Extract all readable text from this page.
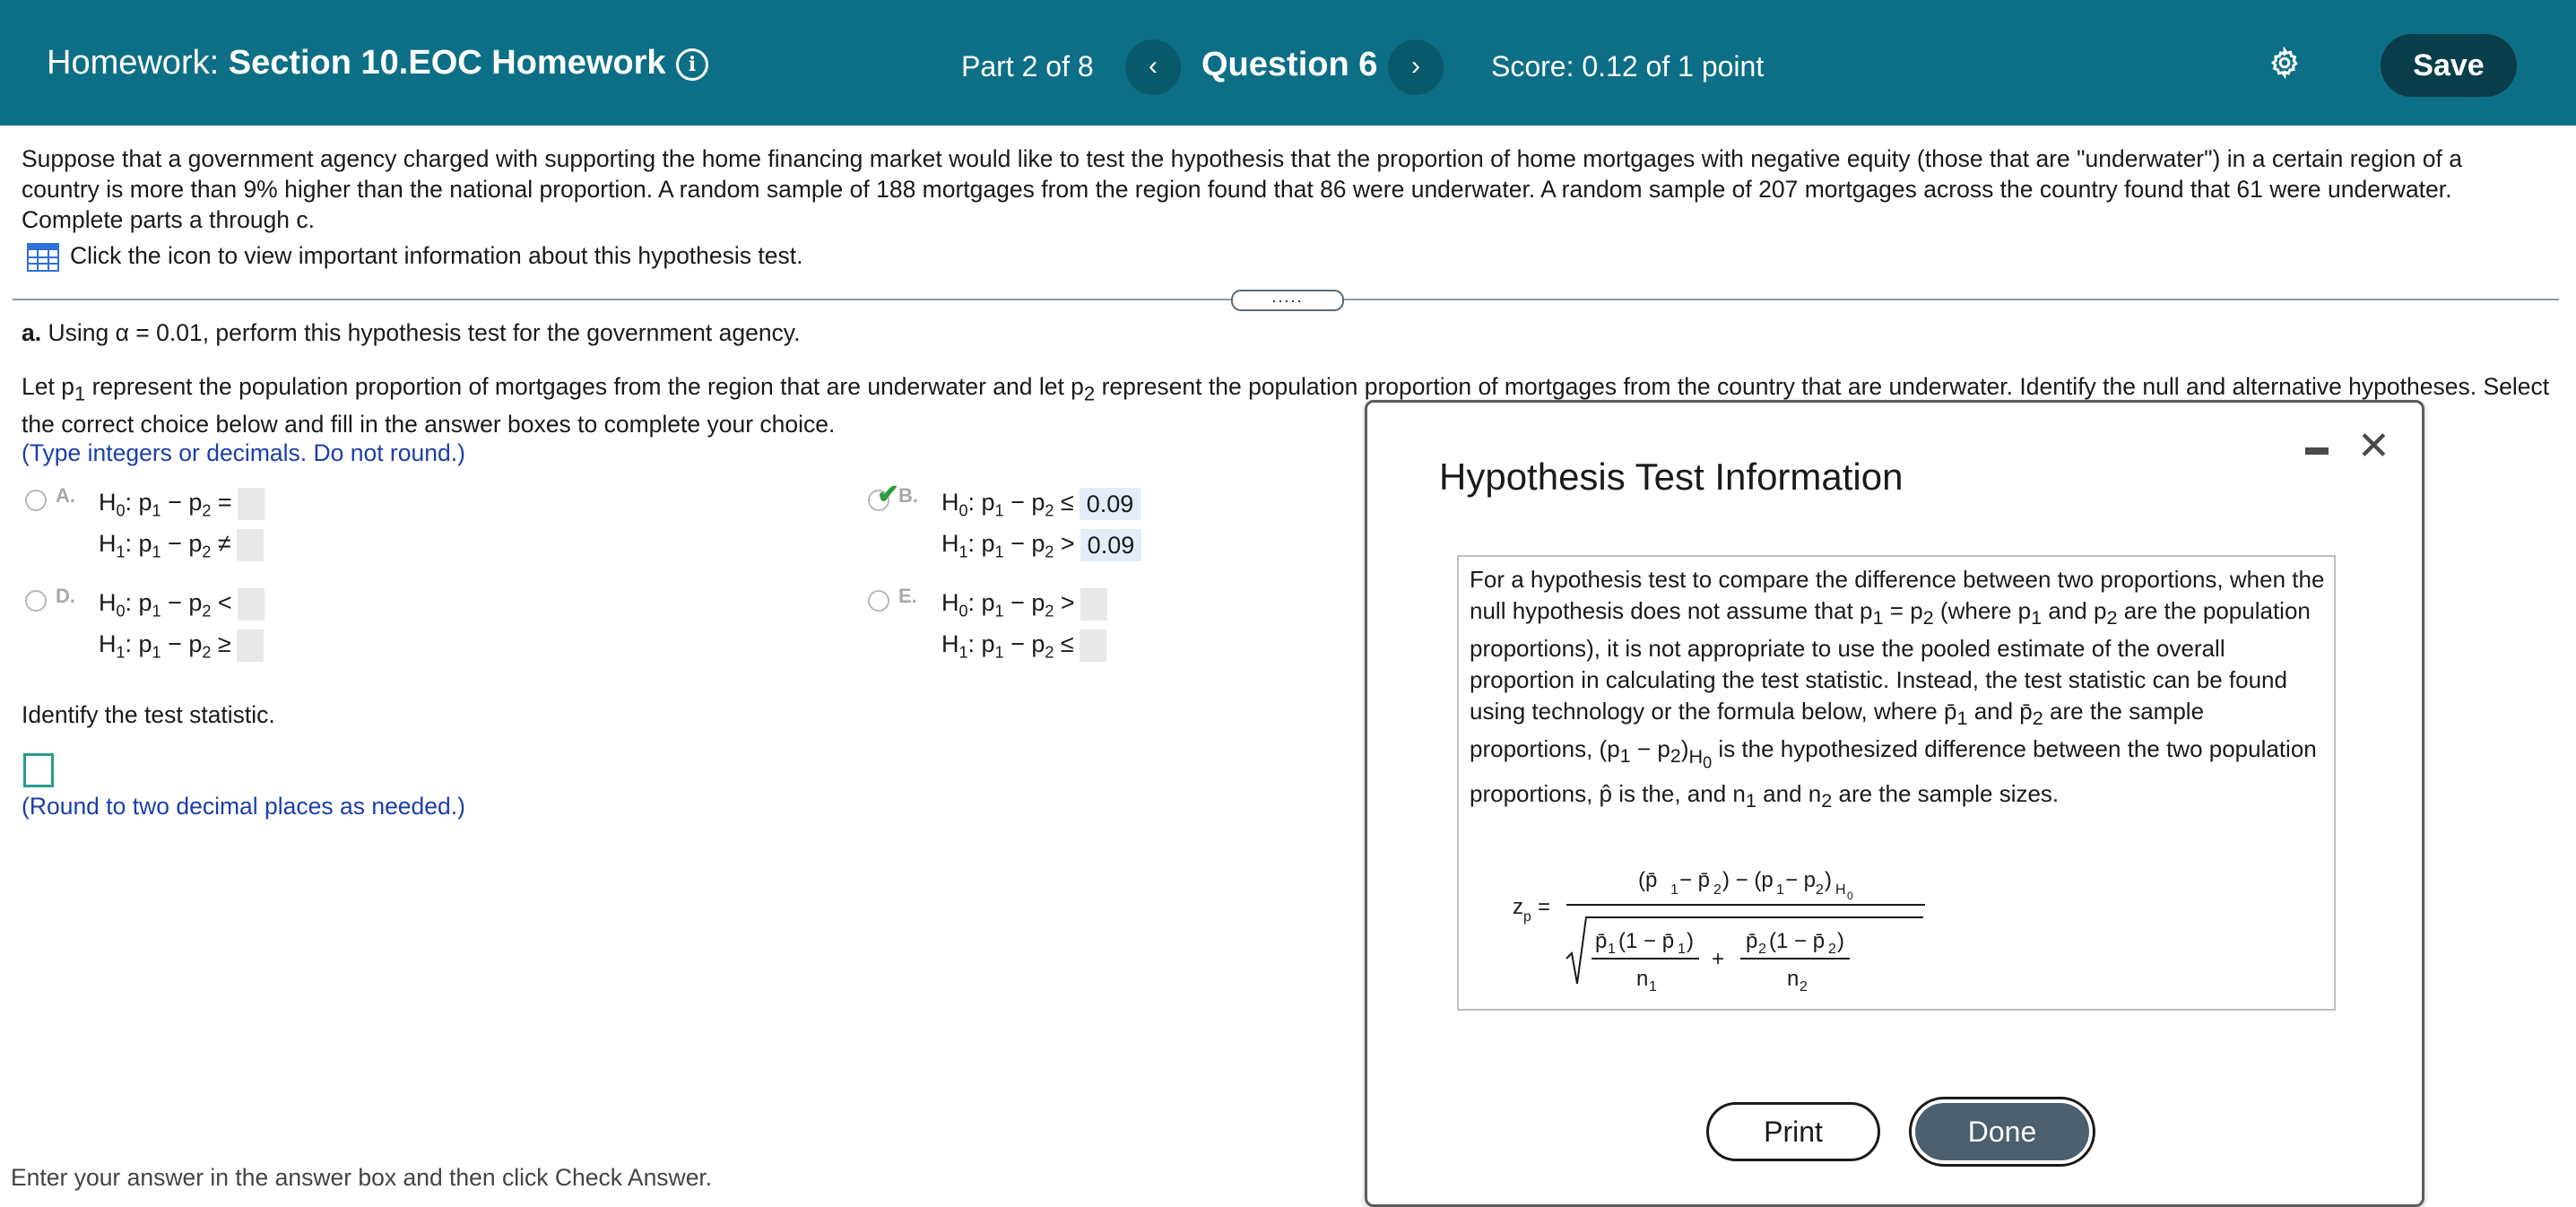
Homework: Section 10.EOC Homework	i	Part 2 of 8	‹	Question 6	›	Score: 0.12 of 1 point	Save
Suppose that a government agency charged with supporting the home financing market would like to test the hypothesis that the proportion of home mortgages with negative equity (those that are "underwater") in a certain region of a country is more than 9% higher than the national proportion. A random sample of 188 mortgages from the region found that 86 were underwater. A random sample of 207 mortgages across the country found that 61 were underwater. Complete parts a through c.
Click the icon to view important information about this hypothesis test.
.....
a. Using α = 0.01, perform this hypothesis test for the government agency.
Let $p_1$ represent the population proportion of mortgages from the region that are underwater and let $p_2$ represent the population proportion of mortgages from the country that are underwater. Identify the null and alternative hypotheses. Select the correct choice below and fill in the answer boxes to complete your choice.
(Type integers or decimals. Do not round.)
A. $H_0$: $p_1 - p_2$ =
$H_1$: $p_1 - p_2$ ≠
✔
B. $H_0$: $p_1 - p_2 \le 0.09$
$H_1$: $p_1 - p_2 > 0.09$
D. $H_0$: $p_1 - p_2$ <
$H_1$: $p_1 - p_2$ ≥
E. $H_0$: $p_1 - p_2$ >
$H_1$: $p_1 - p_2$ ≤
Identify the test statistic.
(Round to two decimal places as needed.)
Enter your answer in the answer box and then click Check Answer.
Hypothesis Test Information
✕
For a hypothesis test to compare the difference between two proportions, when the null hypothesis does not assume that $p_1 = p_2$ (where $p_1$ and $p_2$ are the population proportions), it is not appropriate to use the pooled estimate of the overall proportion in calculating the test statistic. Instead, the test statistic can be found using technology or the formula below, where $p̄_1$ and $p̄_2$ are the sample proportions, $(p_1 - p_2)_{H_0}$ is the hypothesized difference between the two population proportions, p̂ is the, and $n_1$ and $n_2$ are the sample sizes.
z p =
(p̄ 1 − p̄ 2 ) − (p 1 − p 2 ) H 0
p̄ 1 (1 − p̄ 1 )
n 1
+
p̄ 2 (1 − p̄ 2 )
n 2
Print	Done
